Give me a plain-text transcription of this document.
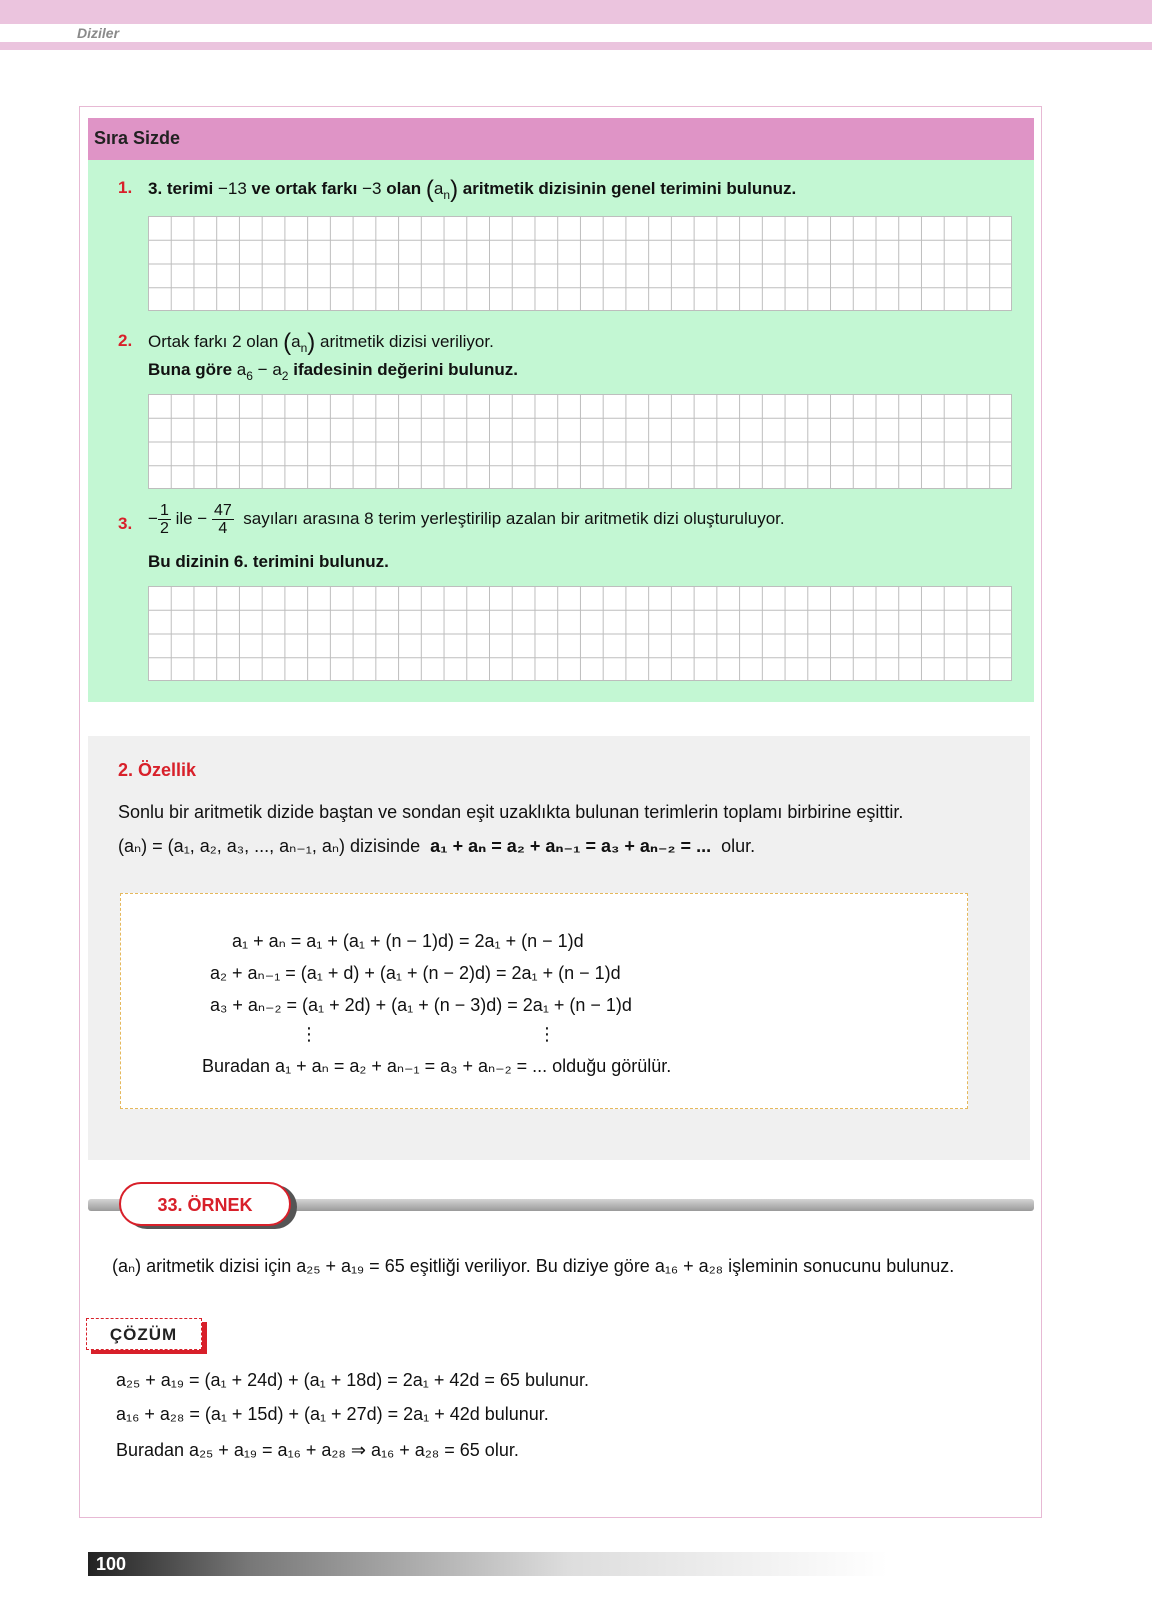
Diziler
Sıra Sizde
1. 3. terimi −13 ve ortak farkı −3 olan $(a_n)$ aritmetik dizisinin genel terimini bulunuz.
2. Ortak farkı 2 olan $(a_n)$ aritmetik dizisi veriliyor.
Buna göre $a_6 - a_2$ ifadesinin değerini bulunuz.
3. − $\frac{1}{2}$ ile − $\frac{47}{4}$ sayıları arasına 8 terim yerleştirilip azalan bir aritmetik dizi oluşturuluyor.
Bu dizinin 6. terimini bulunuz.
2. Özellik
Sonlu bir aritmetik dizide baştan ve sondan eşit uzaklıkta bulunan terimlerin toplamı birbirine eşittir.
(aₙ) = (a₁, a₂, a₃, ..., aₙ₋₁, aₙ) dizisinde a₁ + aₙ = a₂ + aₙ₋₁ = a₃ + aₙ₋₂ = ... olur.
a₁ + aₙ = a₁ + (a₁ + (n − 1)d) = 2a₁ + (n − 1)d
a₂ + aₙ₋₁ = (a₁ + d) + (a₁ + (n − 2)d) = 2a₁ + (n − 1)d
a₃ + aₙ₋₂ = (a₁ + 2d) + (a₁ + (n − 3)d) = 2a₁ + (n − 1)d
⋮	⋮
Buradan a₁ + aₙ = a₂ + aₙ₋₁ = a₃ + aₙ₋₂ = ... olduğu görülür.
33. ÖRNEK
(aₙ) aritmetik dizisi için a₂₅ + a₁₉ = 65 eşitliği veriliyor. Bu diziye göre a₁₆ + a₂₈ işleminin sonucunu bulunuz.
ÇÖZÜM
a₂₅ + a₁₉ = (a₁ + 24d) + (a₁ + 18d) = 2a₁ + 42d = 65 bulunur.
a₁₆ + a₂₈ = (a₁ + 15d) + (a₁ + 27d) = 2a₁ + 42d bulunur.
Buradan a₂₅ + a₁₉ = a₁₆ + a₂₈ ⇒ a₁₆ + a₂₈ = 65 olur.
100
